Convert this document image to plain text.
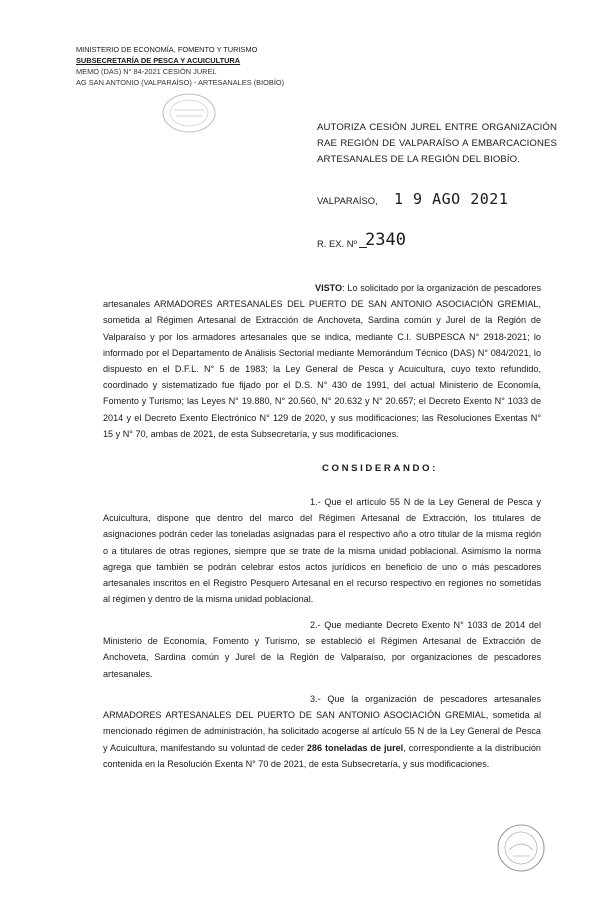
MINISTERIO DE ECONOMÍA, FOMENTO Y TURISMO
SUBSECRETARÍA DE PESCA Y ACUICULTURA
MEMO (DAS) N° 84-2021 CESIÓN JUREL
AG SAN ANTONIO (VALPARAÍSO) - ARTESANALES (BIOBÍO)
AUTORIZA CESIÓN JUREL ENTRE ORGANIZACIÓN RAE REGIÓN DE VALPARAÍSO A EMBARCACIONES ARTESANALES DE LA REGIÓN DEL BIOBÍO.
VALPARAÍSO, 1 9 AGO 2021
R. EX. Nº 2340
VISTO: Lo solicitado por la organización de pescadores artesanales ARMADORES ARTESANALES DEL PUERTO DE SAN ANTONIO ASOCIACIÓN GREMIAL, sometida al Régimen Artesanal de Extracción de Anchoveta, Sardina común y Jurel de la Región de Valparaíso y por los armadores artesanales que se indica, mediante C.I. SUBPESCA N° 2918-2021; lo informado por el Departamento de Análisis Sectorial mediante Memorándum Técnico (DAS) N° 084/2021, lo dispuesto en el D.F.L. N° 5 de 1983; la Ley General de Pesca y Acuicultura, cuyo texto refundido, coordinado y sistematizado fue fijado por el D.S. N° 430 de 1991, del actual Ministerio de Economía, Fomento y Turismo; las Leyes N° 19.880, N° 20.560, N° 20.632 y N° 20.657; el Decreto Exento N° 1033 de 2014 y el Decreto Exento Electrónico N° 129 de 2020, y sus modificaciones; las Resoluciones Exentas N° 15 y N° 70, ambas de 2021, de esta Subsecretaría, y sus modificaciones.
CONSIDERANDO:
1.- Que el artículo 55 N de la Ley General de Pesca y Acuicultura, dispone que dentro del marco del Régimen Artesanal de Extracción, los titulares de asignaciones podrán ceder las toneladas asignadas para el respectivo año a otro titular de la misma región o a titulares de otras regiones, siempre que se trate de la misma unidad poblacional. Asimismo la norma agrega que también se podrán celebrar estos actos jurídicos en beneficio de uno o más pescadores artesanales inscritos en el Registro Pesquero Artesanal en el recurso respectivo en regiones no sometidas al régimen y dentro de la misma unidad poblacional.
2.- Que mediante Decreto Exento N° 1033 de 2014 del Ministerio de Economía, Fomento y Turismo, se estableció el Régimen Artesanal de Extracción de Anchoveta, Sardina común y Jurel de la Región de Valparaíso, por organizaciones de pescadores artesanales.
3.- Que la organización de pescadores artesanales ARMADORES ARTESANALES DEL PUERTO DE SAN ANTONIO ASOCIACIÓN GREMIAL, sometida al mencionado régimen de administración, ha solicitado acogerse al artículo 55 N de la Ley General de Pesca y Acuicultura, manifestando su voluntad de ceder 286 toneladas de jurel, correspondiente a la distribución contenida en la Resolución Exenta N° 70 de 2021, de esta Subsecretaría, y sus modificaciones.
